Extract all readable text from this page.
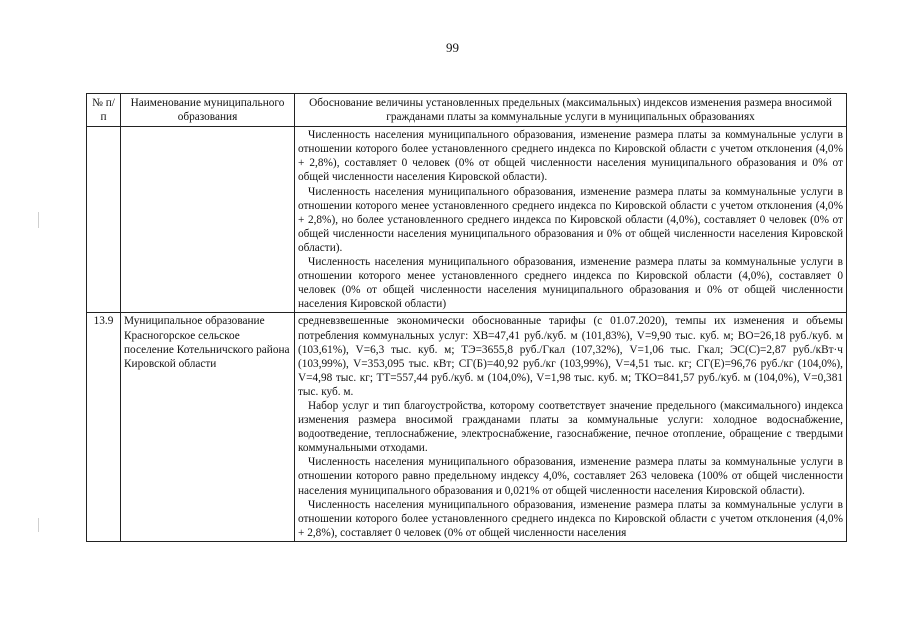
99
№ п/п	Наименование муниципального образования	Обоснование величины установленных предельных (максимальных) индексов изменения размера вносимой гражданами платы за коммунальные услуги в муниципальных образованиях

		Численность населения муниципального образования, изменение размера платы за коммунальные услуги в отношении которого более установленного среднего индекса по Кировской области с учетом отклонения (4,0% + 2,8%), составляет 0 человек (0% от общей численности населения муниципального образования и 0% от общей численности населения Кировской области).

Численность населения муниципального образования, изменение размера платы за коммунальные услуги в отношении которого менее установленного среднего индекса по Кировской области с учетом отклонения (4,0% + 2,8%), но более установленного среднего индекса по Кировской области (4,0%), составляет 0 человек (0% от общей численности населения муниципального образования и 0% от общей численности населения Кировской области).

Численность населения муниципального образования, изменение размера платы за коммунальные услуги в отношении которого менее установленного среднего индекса по Кировской области (4,0%), составляет 0 человек (0% от общей численности населения муниципального образования и 0% от общей численности населения Кировской области)

13.9	Муниципальное образование Красногорское сельское поселение Котельничского района Кировской области	средневзвешенные экономически обоснованные тарифы (с 01.07.2020), темпы их изменения и объемы потребления коммунальных услуг: ХВ=47,41 руб./куб. м (101,83%), V=9,90 тыс. куб. м; ВО=26,18 руб./куб. м (103,61%), V=6,3 тыс. куб. м; ТЭ=3655,8 руб./Гкал (107,32%), V=1,06 тыс. Гкал; ЭС(С)=2,87 руб./кВт·ч (103,99%), V=353,095 тыс. кВт; СГ(Б)=40,92 руб./кг (103,99%), V=4,51 тыс. кг; СГ(Е)=96,76 руб./кг (104,0%), V=4,98 тыс. кг; ТТ=557,44 руб./куб. м (104,0%), V=1,98 тыс. куб. м; ТКО=841,57 руб./куб. м (104,0%), V=0,381 тыс. куб. м.

Набор услуг и тип благоустройства, которому соответствует значение предельного (максимального) индекса изменения размера вносимой гражданами платы за коммунальные услуги: холодное водоснабжение, водоотведение, теплоснабжение, электроснабжение, газоснабжение, печное отопление, обращение с твердыми коммунальными отходами.

Численность населения муниципального образования, изменение размера платы за коммунальные услуги в отношении которого равно предельному индексу 4,0%, составляет 263 человека (100% от общей численности населения муниципального образования и 0,021% от общей численности населения Кировской области).

Численность населения муниципального образования, изменение размера платы за коммунальные услуги в отношении которого более установленного среднего индекса по Кировской области с учетом отклонения (4,0% + 2,8%), составляет 0 человек (0% от общей численности населения
